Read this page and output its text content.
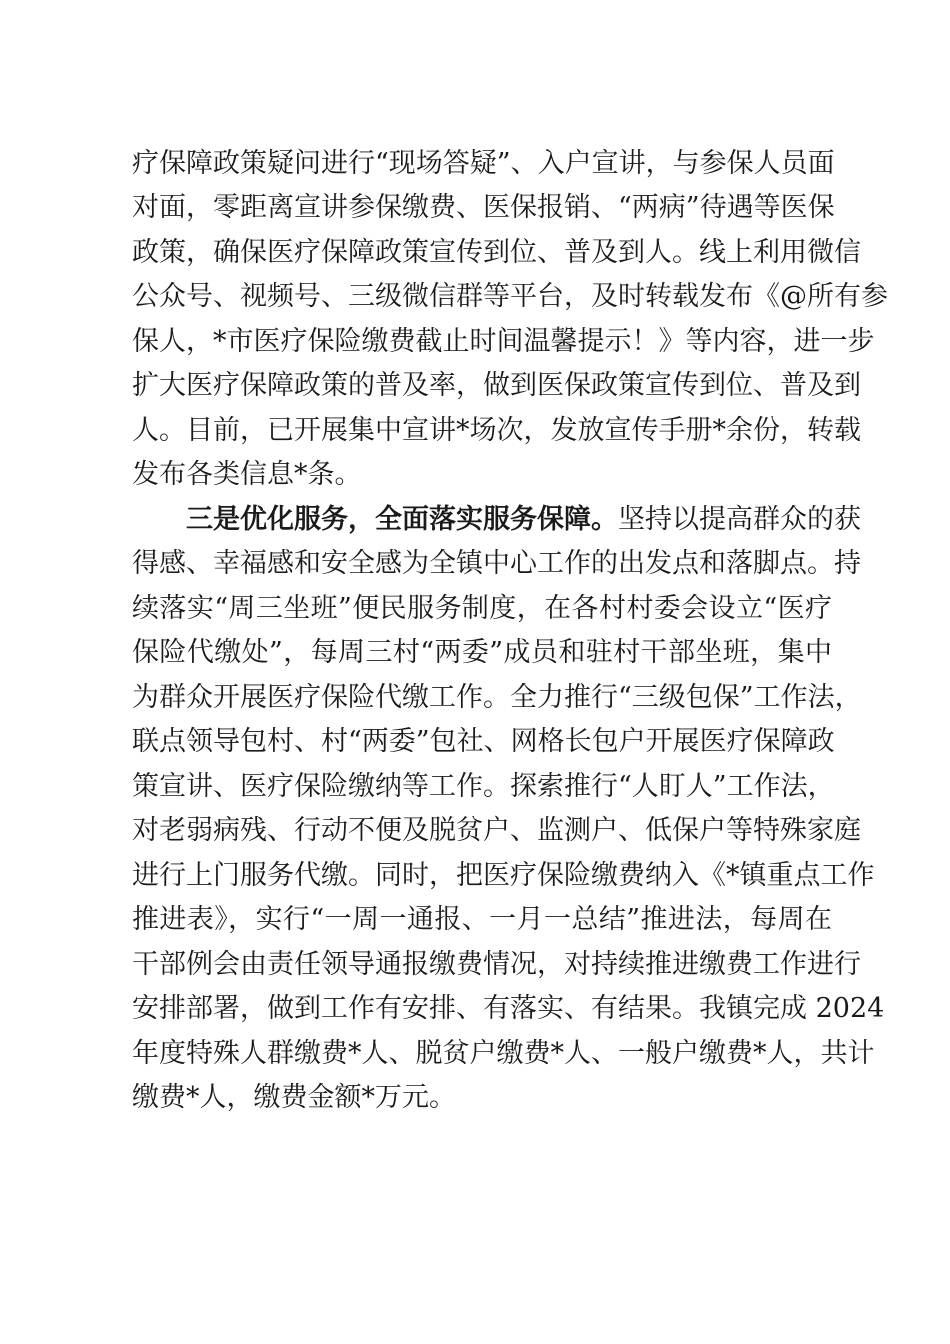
疗保障政策疑问进行“现场答疑”、入户宣讲，与参保人员面
对面，零距离宣讲参保缴费、医保报销、“两病”待遇等医保
政策，确保医疗保障政策宣传到位、普及到人。线上利用微信
公众号、视频号、三级微信群等平台，及时转载发布《@所有参
保人，*市医疗保险缴费截止时间温馨提示！》等内容，进一步
扩大医疗保障政策的普及率，做到医保政策宣传到位、普及到
人。目前，已开展集中宣讲*场次，发放宣传手册*余份，转载
发布各类信息*条。
三是优化服务，全面落实服务保障。坚持以提高群众的获
得感、幸福感和安全感为全镇中心工作的出发点和落脚点。持
续落实“周三坐班”便民服务制度，在各村村委会设立“医疗
保险代缴处”，每周三村“两委”成员和驻村干部坐班，集中
为群众开展医疗保险代缴工作。全力推行“三级包保”工作法，
联点领导包村、村“两委”包社、网格长包户开展医疗保障政
策宣讲、医疗保险缴纳等工作。探索推行“人盯人”工作法，
对老弱病残、行动不便及脱贫户、监测户、低保户等特殊家庭
进行上门服务代缴。同时，把医疗保险缴费纳入《*镇重点工作
推进表》，实行“一周一通报、一月一总结”推进法，每周在
干部例会由责任领导通报缴费情况，对持续推进缴费工作进行
安排部署，做到工作有安排、有落实、有结果。我镇完成 2024
年度特殊人群缴费*人、脱贫户缴费*人、一般户缴费*人，共计
缴费*人，缴费金额*万元。
